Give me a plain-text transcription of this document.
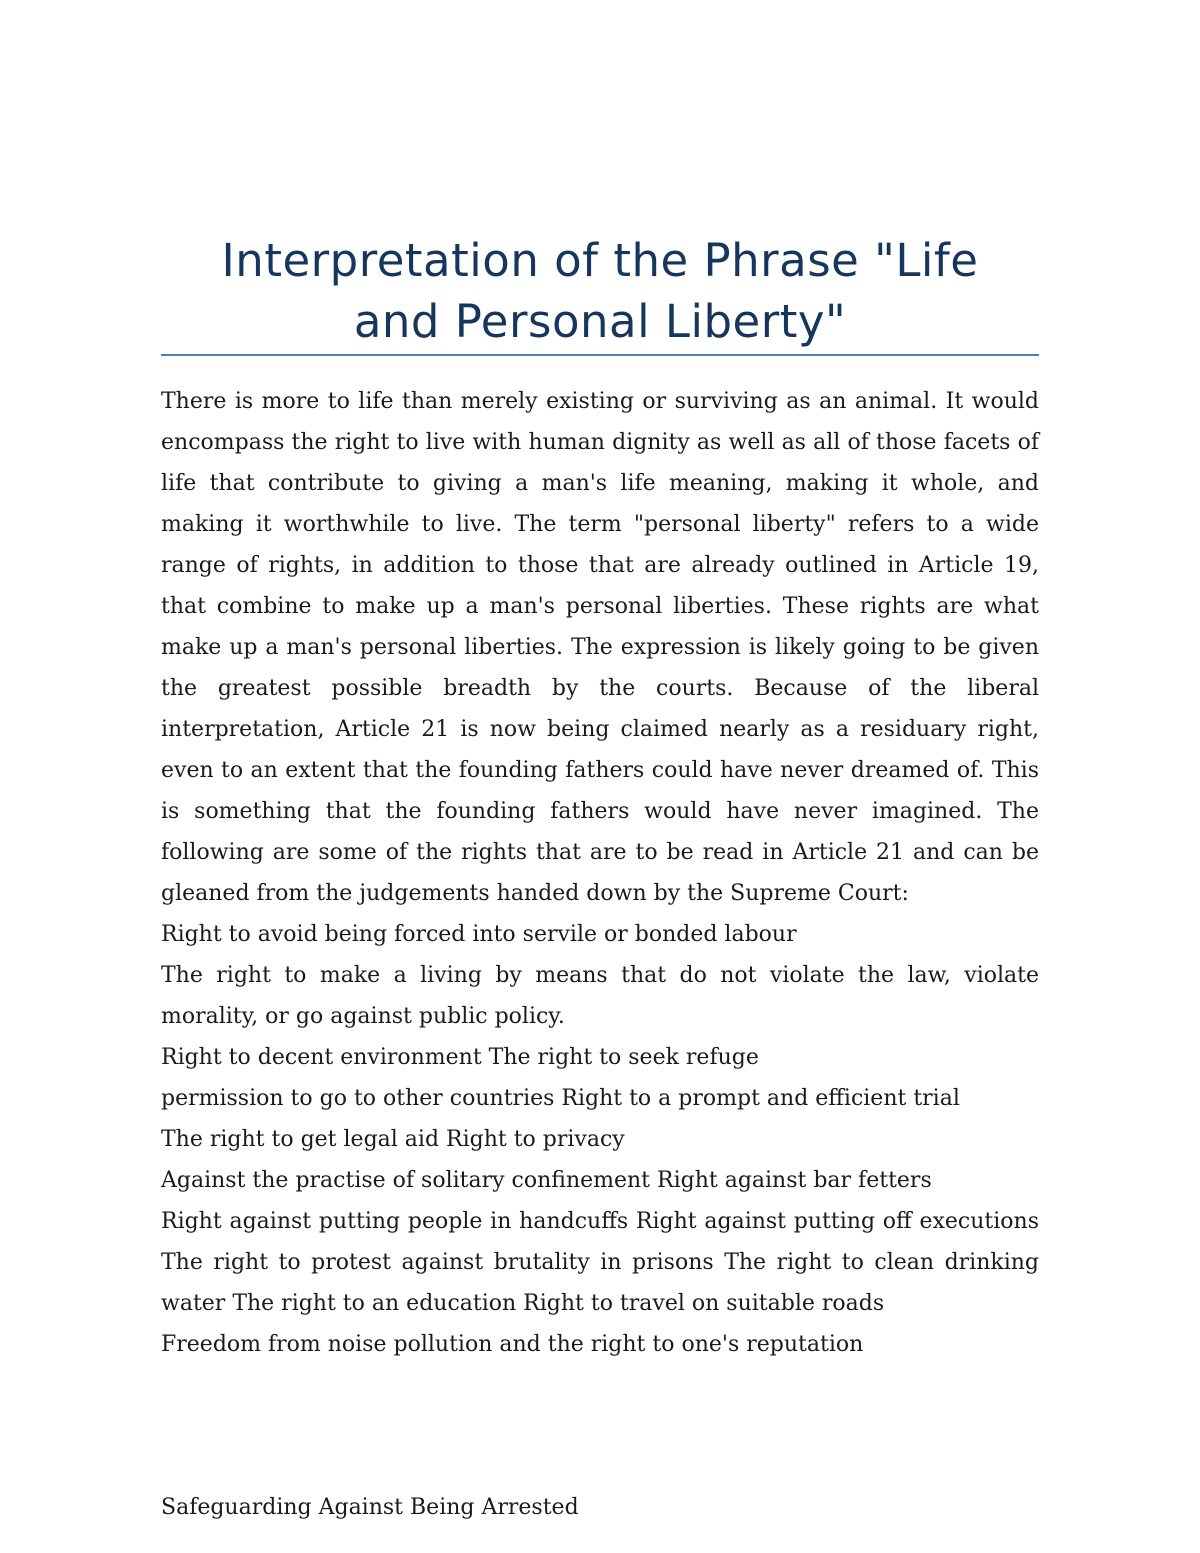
Interpretation of the Phrase "Life
and Personal Liberty"

There is more to life than merely existing or surviving as an animal. It would encompass the right to live with human dignity as well as all of those facets of life that contribute to giving a man's life meaning, making it whole, and making it worthwhile to live. The term "personal liberty" refers to a wide range of rights, in addition to those that are already outlined in Article 19, that combine to make up a man's personal liberties. These rights are what make up a man's personal liberties. The expression is likely going to be given the greatest possible breadth by the courts. Because of the liberal interpretation, Article 21 is now being claimed nearly as a residuary right, even to an extent that the founding fathers could have never dreamed of. This is something that the founding fathers would have never imagined. The following are some of the rights that are to be read in Article 21 and can be gleaned from the judgements handed down by the Supreme Court:

Right to avoid being forced into servile or bonded labour

The right to make a living by means that do not violate the law, violate morality, or go against public policy.

Right to decent environment The right to seek refuge

permission to go to other countries Right to a prompt and efficient trial

The right to get legal aid Right to privacy

Against the practise of solitary confinement Right against bar fetters

Right against putting people in handcuffs Right against putting off executions The right to protest against brutality in prisons The right to clean drinking water The right to an education Right to travel on suitable roads

Freedom from noise pollution and the right to one's reputation

Safeguarding Against Being Arrested
